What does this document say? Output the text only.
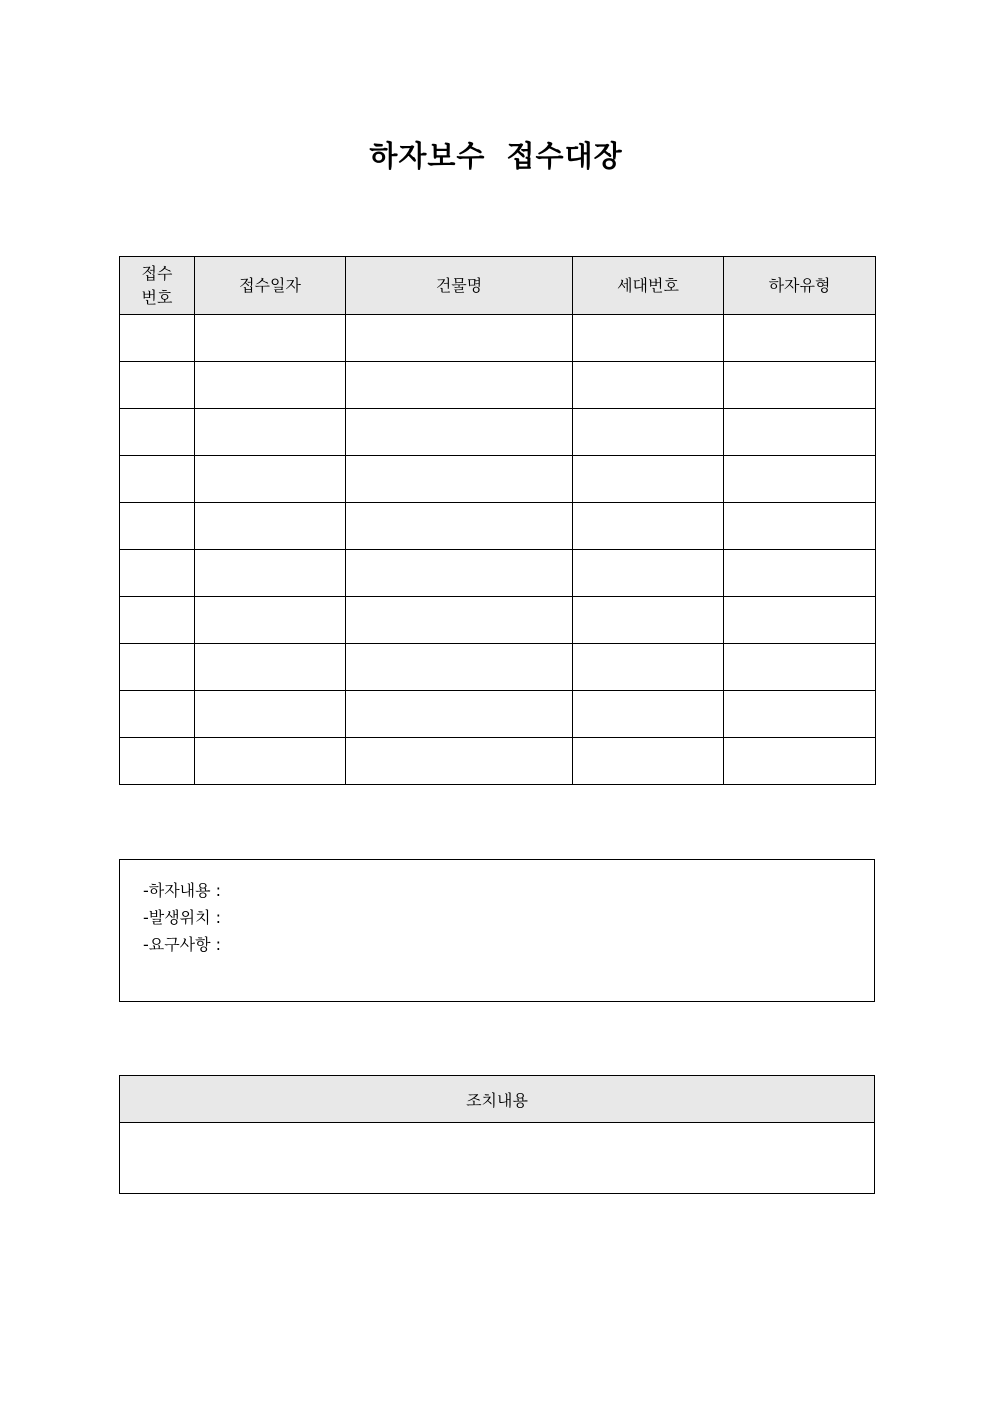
하자보수 접수대장
접수번호	접수일자	건물명	세대번호	하자유형

-하자내용 :
-발생위치 :
-요구사항 :
조치내용
